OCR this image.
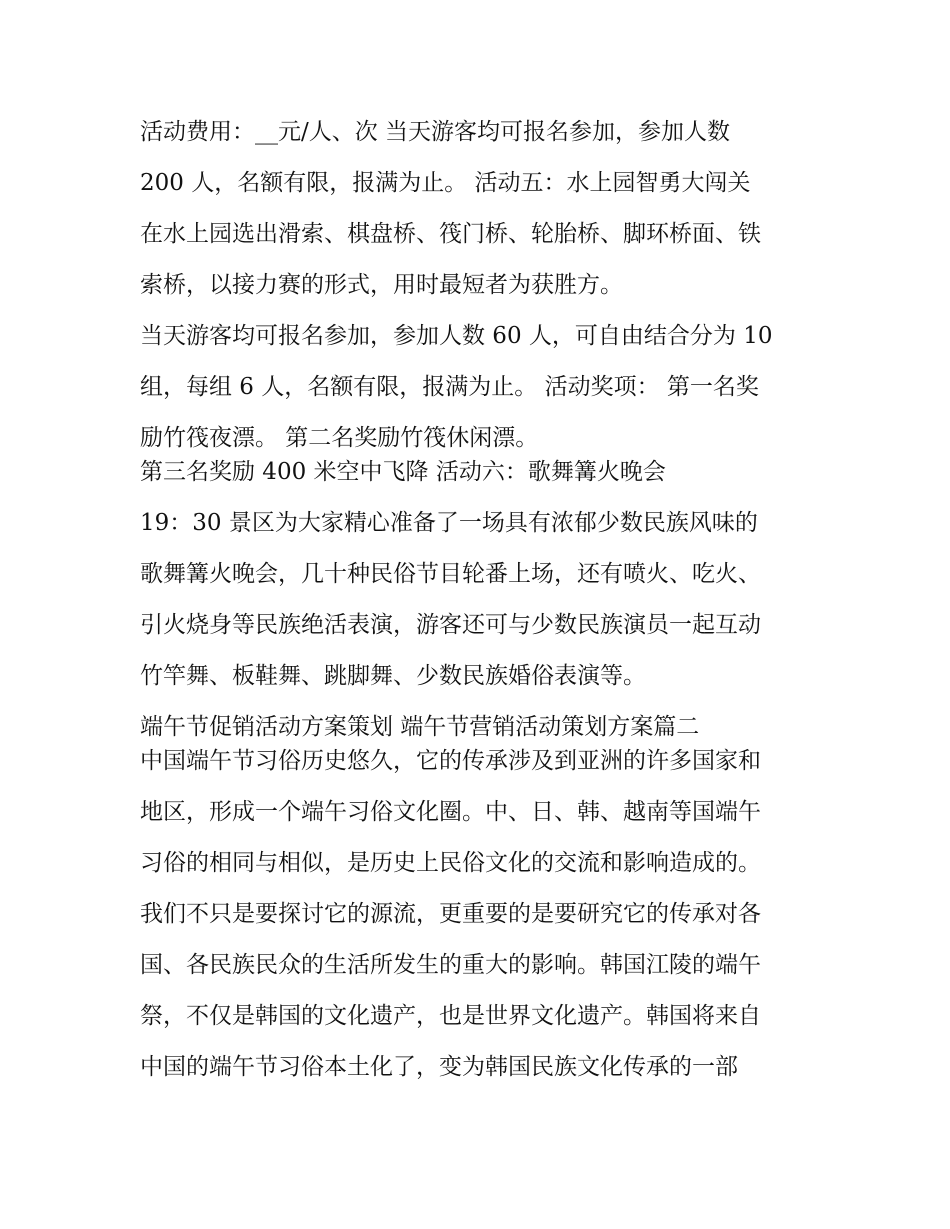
活动费用：__元/人、次 当天游客均可报名参加，参加人数
200 人，名额有限，报满为止。 活动五：水上园智勇大闯关
在水上园选出滑索、棋盘桥、筏门桥、轮胎桥、脚环桥面、铁
索桥，以接力赛的形式，用时最短者为获胜方。
当天游客均可报名参加，参加人数 60 人，可自由结合分为 10
组，每组 6 人，名额有限，报满为止。 活动奖项： 第一名奖
励竹筏夜漂。 第二名奖励竹筏休闲漂。
第三名奖励 400 米空中飞降 活动六：歌舞篝火晚会
19：30 景区为大家精心准备了一场具有浓郁少数民族风味的
歌舞篝火晚会，几十种民俗节目轮番上场，还有喷火、吃火、
引火烧身等民族绝活表演，游客还可与少数民族演员一起互动
竹竿舞、板鞋舞、跳脚舞、少数民族婚俗表演等。
端午节促销活动方案策划 端午节营销活动策划方案篇二
中国端午节习俗历史悠久，它的传承涉及到亚洲的许多国家和
地区，形成一个端午习俗文化圈。中、日、韩、越南等国端午
习俗的相同与相似，是历史上民俗文化的交流和影响造成的。
我们不只是要探讨它的源流，更重要的是要研究它的传承对各
国、各民族民众的生活所发生的重大的影响。韩国江陵的端午
祭，不仅是韩国的文化遗产，也是世界文化遗产。韩国将来自
中国的端午节习俗本土化了，变为韩国民族文化传承的一部
